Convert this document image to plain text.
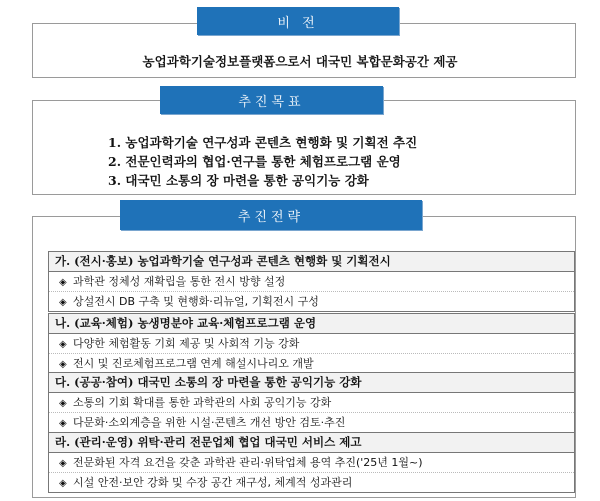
비 전
농업과학기술정보플랫폼으로서 대국민 복합문화공간 제공
추진목표
1. 농업과학기술 연구성과 콘텐츠 현행화 및 기획전 추진
2. 전문인력과의 협업·연구를 통한 체험프로그램 운영
3. 대국민 소통의 장 마련을 통한 공익기능 강화
추진전략
가. (전시·홍보) 농업과학기술 연구성과 콘텐츠 현행화 및 기획전시
◈ 과학관 정체성 재확립을 통한 전시 방향 설정
◈ 상설전시 DB 구축 및 현행화·리뉴얼, 기획전시 구성
나. (교육·체험) 농생명분야 교육·체험프로그램 운영
◈ 다양한 체험활동 기회 제공 및 사회적 기능 강화
◈ 전시 및 진로체험프로그램 연계 해설시나리오 개발
다. (공공·참여) 대국민 소통의 장 마련을 통한 공익기능 강화
◈ 소통의 기회 확대를 통한 과학관의 사회 공익기능 강화
◈ 다문화·소외계층을 위한 시설·콘텐츠 개선 방안 검토·추진
라. (관리·운영) 위탁·관리 전문업체 협업 대국민 서비스 제고
◈ 전문화된 자격 요건을 갖춘 과학관 관리·위탁업체 용역 추진('25년 1월~)
◈ 시설 안전·보안 강화 및 수장 공간 재구성, 체계적 성과관리
